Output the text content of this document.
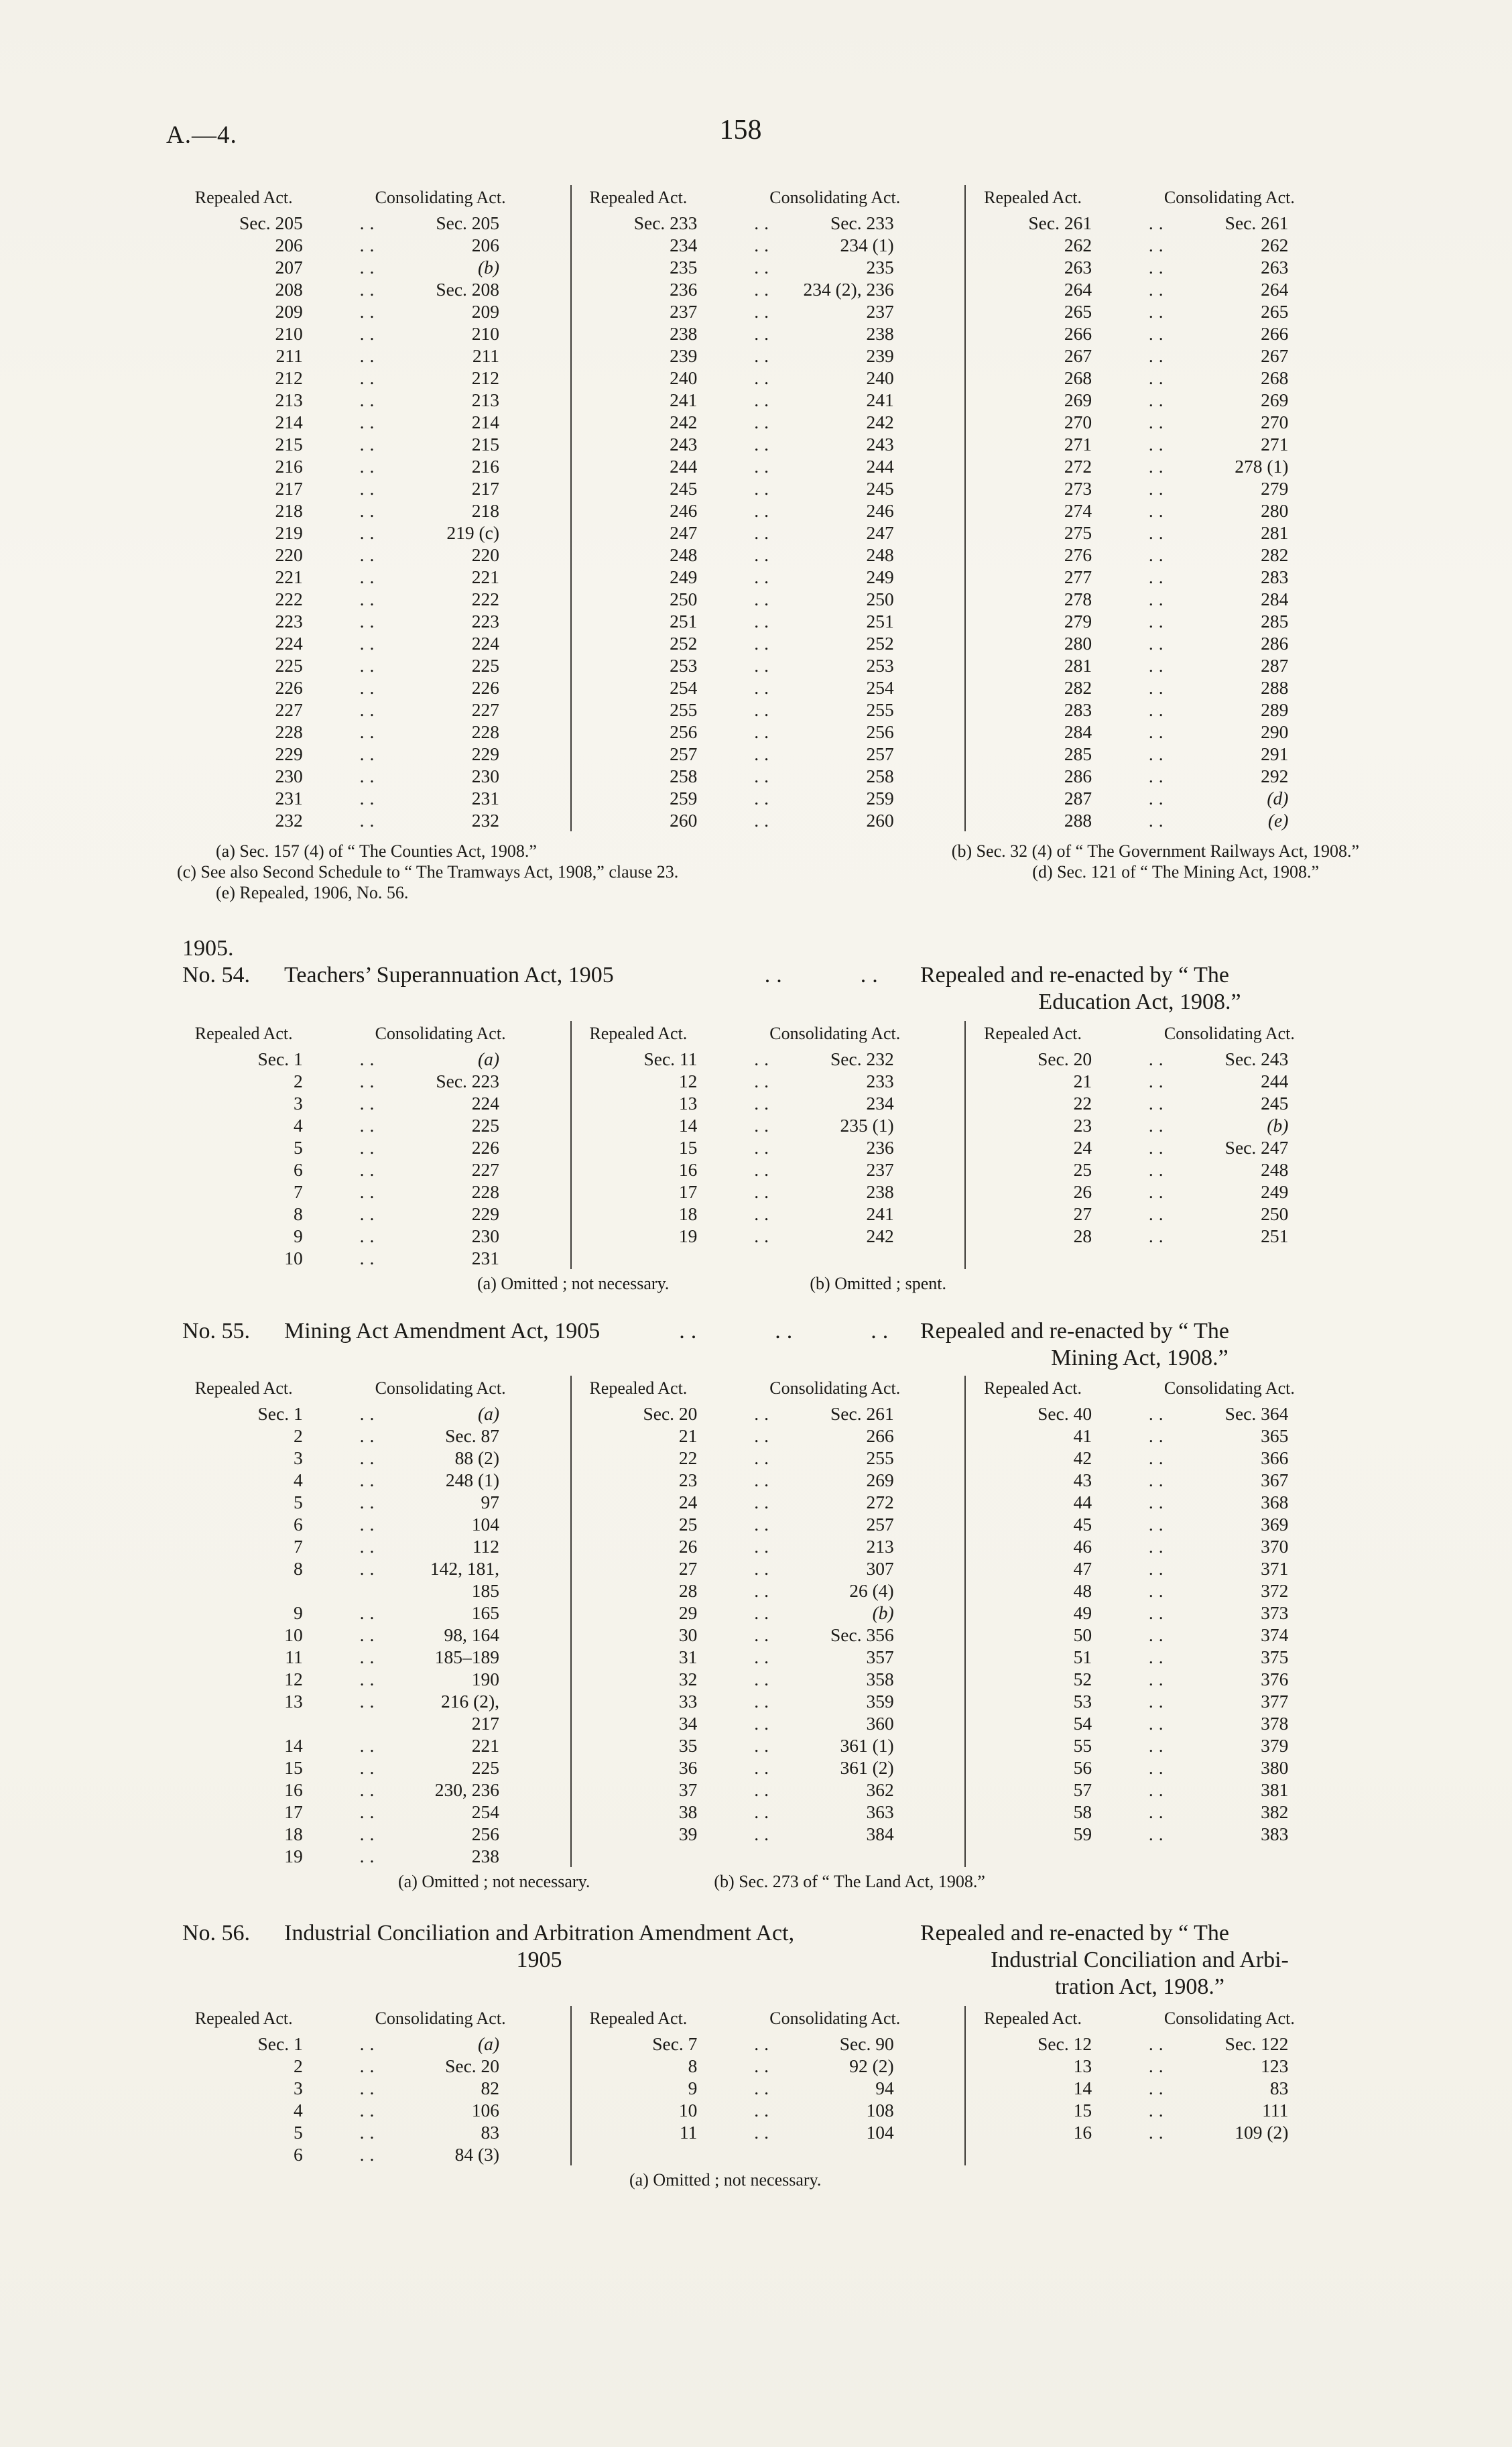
A.—4.	158
Repealed Act.	Consolidating Act.
Sec. 205	..	Sec. 205
206	..	206
207	..	(b)
208	..	Sec. 208
209	..	209
210	..	210
211	..	211
212	..	212
213	..	213
214	..	214
215	..	215
216	..	216
217	..	217
218	..	218
219	..	219 (c)
220	..	220
221	..	221
222	..	222
223	..	223
224	..	224
225	..	225
226	..	226
227	..	227
228	..	228
229	..	229
230	..	230
231	..	231
232	..	232
Repealed Act.	Consolidating Act.
Sec. 233	..	Sec. 233
234	..	234 (1)
235	..	235
236	..	234 (2), 236
237	..	237
238	..	238
239	..	239
240	..	240
241	..	241
242	..	242
243	..	243
244	..	244
245	..	245
246	..	246
247	..	247
248	..	248
249	..	249
250	..	250
251	..	251
252	..	252
253	..	253
254	..	254
255	..	255
256	..	256
257	..	257
258	..	258
259	..	259
260	..	260
Repealed Act.	Consolidating Act.
Sec. 261	..	Sec. 261
262	..	262
263	..	263
264	..	264
265	..	265
266	..	266
267	..	267
268	..	268
269	..	269
270	..	270
271	..	271
272	..	278 (1)
273	..	279
274	..	280
275	..	281
276	..	282
277	..	283
278	..	284
279	..	285
280	..	286
281	..	287
282	..	288
283	..	289
284	..	290
285	..	291
286	..	292
287	..	(d)
288	..	(e)
(a) Sec. 157 (4) of “ The Counties Act, 1908.”	(b) Sec. 32 (4) of “ The Government Railways Act, 1908.”
(c) See also Second Schedule to “ The Tramways Act, 1908,” clause 23.	(d) Sec. 121 of “ The Mining Act, 1908.”
(e) Repealed, 1906, No. 56.
1905.
No. 54.	Teachers’ Superannuation Act, 1905	..	.. Repealed and re-enacted by “ The
Education Act, 1908.”
Repealed Act.	Consolidating Act.
Sec. 1	..	(a)
2	..	Sec. 223
3	..	224
4	..	225
5	..	226
6	..	227
7	..	228
8	..	229
9	..	230
10	..	231
Repealed Act.	Consolidating Act.
Sec. 11	..	Sec. 232
12	..	233
13	..	234
14	..	235 (1)
15	..	236
16	..	237
17	..	238
18	..	241
19	..	242
Repealed Act.	Consolidating Act.
Sec. 20	..	Sec. 243
21	..	244
22	..	245
23	..	(b)
24	..	Sec. 247
25	..	248
26	..	249
27	..	250
28	..	251
(a) Omitted ; not necessary.	(b) Omitted ; spent.
No. 55.	Mining Act Amendment Act, 1905	..	..	.. Repealed and re-enacted by “ The
Mining Act, 1908.”
Repealed Act.	Consolidating Act.
Sec. 1	..	(a)
2	..	Sec. 87
3	..	88 (2)
4	..	248 (1)
5	..	97
6	..	104
7	..	112
8	..	142, 181,
185
9	..	165
10	..	98, 164
11	..	185–189
12	..	190
13	..	216 (2),
217
14	..	221
15	..	225
16	..	230, 236
17	..	254
18	..	256
19	..	238
Repealed Act.	Consolidating Act.
Sec. 20	..	Sec. 261
21	..	266
22	..	255
23	..	269
24	..	272
25	..	257
26	..	213
27	..	307
28	..	26 (4)
29	..	(b)
30	..	Sec. 356
31	..	357
32	..	358
33	..	359
34	..	360
35	..	361 (1)
36	..	361 (2)
37	..	362
38	..	363
39	..	384
Repealed Act.	Consolidating Act.
Sec. 40	..	Sec. 364
41	..	365
42	..	366
43	..	367
44	..	368
45	..	369
46	..	370
47	..	371
48	..	372
49	..	373
50	..	374
51	..	375
52	..	376
53	..	377
54	..	378
55	..	379
56	..	380
57	..	381
58	..	382
59	..	383
(a) Omitted ; not necessary.	(b) Sec. 273 of “ The Land Act, 1908.”
No. 56.	Industrial Conciliation and Arbitration Amendment Act,
1905
Repealed and re-enacted by “ The
Industrial Conciliation and Arbi-
tration Act, 1908.”
Repealed Act.	Consolidating Act.
Sec. 1	..	(a)
2	..	Sec. 20
3	..	82
4	..	106
5	..	83
6	..	84 (3)
Repealed Act.	Consolidating Act.
Sec. 7	..	Sec. 90
8	..	92 (2)
9	..	94
10	..	108
11	..	104
Repealed Act.	Consolidating Act.
Sec. 12	..	Sec. 122
13	..	123
14	..	83
15	..	111
16	..	109 (2)
(a) Omitted ; not necessary.
